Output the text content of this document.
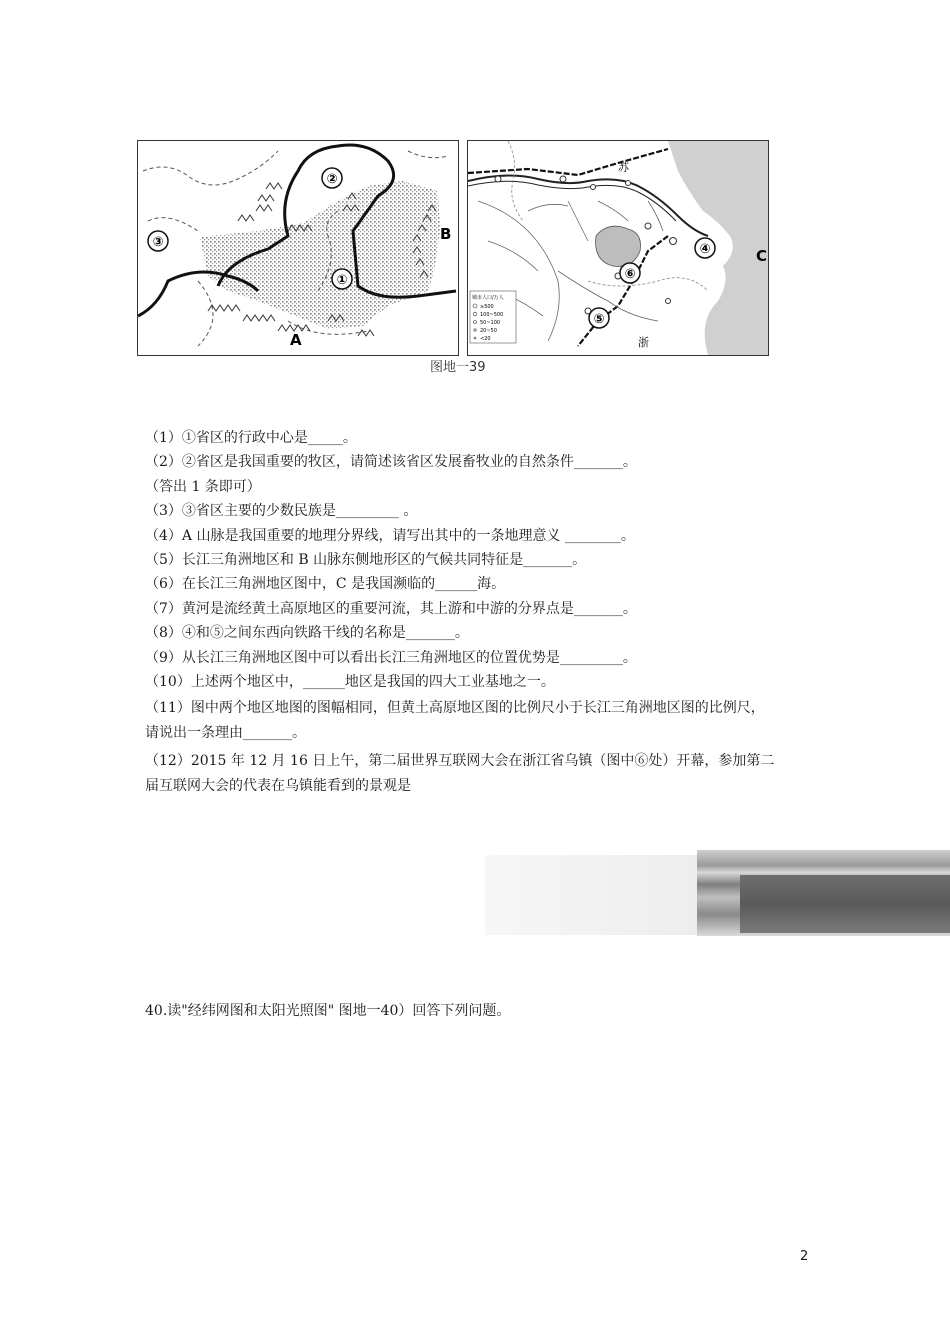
②
③
①
B
A
苏
浙
④
⑥
⑤
C
城市人口/万人
≥500
100~500
50~100
20~50
<20
图地一39

（1）①省区的行政中心是_____。

（2）②省区是我国重要的牧区，请简述该省区发展畜牧业的自然条件_______。

（答出 1 条即可）

（3）③省区主要的少数民族是_________ 。

（4）A 山脉是我国重要的地理分界线，请写出其中的一条地理意义 ________。

（5）长江三角洲地区和 B 山脉东侧地形区的气候共同特征是_______。

（6）在长江三角洲地区图中，C 是我国濒临的______海。

（7）黄河是流经黄土高原地区的重要河流，其上游和中游的分界点是_______。

（8）④和⑤之间东西向铁路干线的名称是_______。

（9）从长江三角洲地区图中可以看出长江三角洲地区的位置优势是_________。

（10）上述两个地区中，______地区是我国的四大工业基地之一。

（11）图中两个地区地图的图幅相同，但黄土高原地区图的比例尺小于长江三角洲地区图的比例尺，请说出一条理由_______。

（12）2015 年 12 月 16 日上午，第二届世界互联网大会在浙江省乌镇（图中⑥处）开幕，参加第二届互联网大会的代表在乌镇能看到的景观是

40.读"经纬网图和太阳光照图" 图地一40）回答下列问题。
2
